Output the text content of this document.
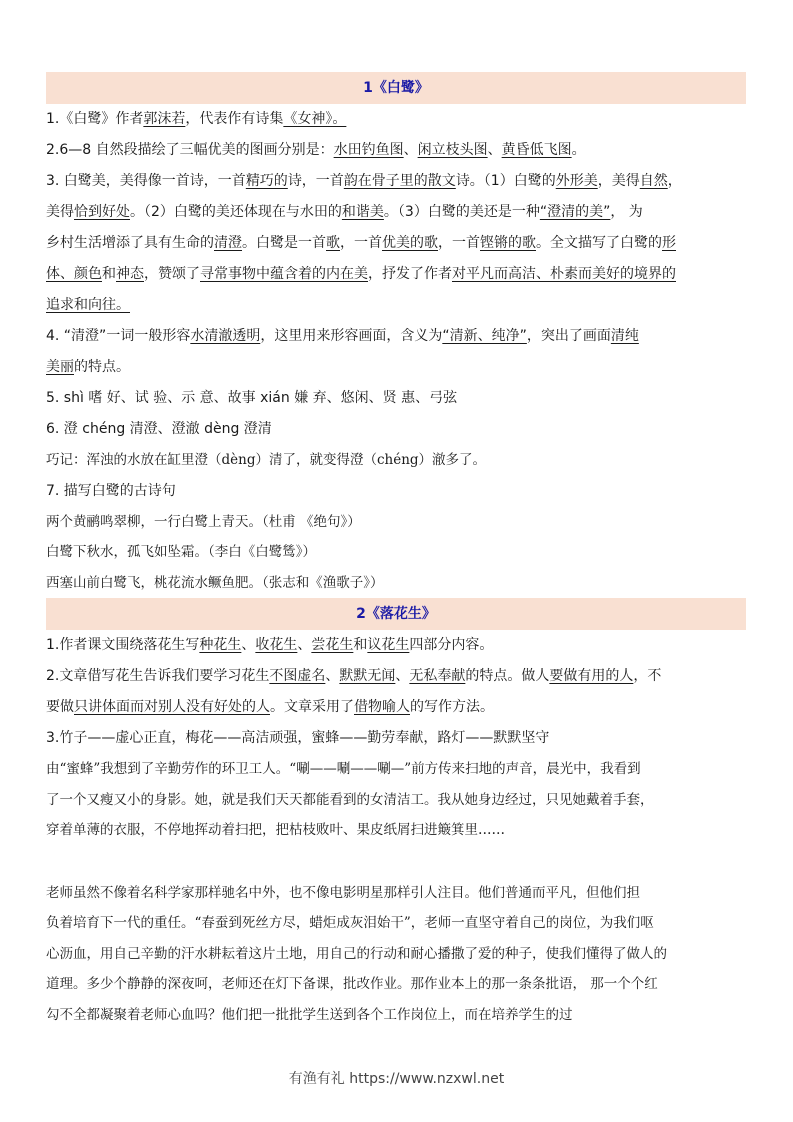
1《白鹭》
1.《白鹭》作者郭沫若，代表作有诗集《女神》。
2.6—8 自然段描绘了三幅优美的图画分别是：水田钓鱼图、闲立枝头图、黄昏低飞图。
3. 白鹭美，美得像一首诗，一首精巧的诗，一首韵在骨子里的散文诗。（1）白鹭的外形美，美得自然，
美得恰到好处。（2）白鹭的美还体现在与水田的和谐美。（3）白鹭的美还是一种“澄清的美”， 为
乡村生活增添了具有生命的清澄。白鹭是一首歌，一首优美的歌，一首铿锵的歌。全文描写了白鹭的形
体、颜色和神态，赞颂了寻常事物中蕴含着的内在美，抒发了作者对平凡而高洁、朴素而美好的境界的
追求和向往。
4. “清澄”一词一般形容水清澈透明，这里用来形容画面，含义为“清新、纯净”，突出了画面清纯
美丽的特点。
5. shì 嗜 好、试 验、示 意、故事 xián 嫌 弃、悠闲、贤 惠、弓弦
6. 澄 chéng 清澄、澄澈 dèng 澄清
巧记：浑浊的水放在缸里澄（dèng）清了，就变得澄（chéng）澈多了。
7. 描写白鹭的古诗句
两个黄鹂鸣翠柳，一行白鹭上青天。（杜甫 《绝句》）
白鹭下秋水，孤飞如坠霜。（李白《白鹭鸶》）
西塞山前白鹭飞，桃花流水鳜鱼肥。（张志和《渔歌子》）
2《落花生》
1.作者课文围绕落花生写种花生、收花生、尝花生和议花生四部分内容。
2.文章借写花生告诉我们要学习花生不图虚名、默默无闻、无私奉献的特点。做人要做有用的人，不
要做只讲体面而对别人没有好处的人。文章采用了借物喻人的写作方法。
3.竹子——虚心正直，梅花——高洁顽强，蜜蜂——勤劳奉献，路灯——默默坚守
由“蜜蜂”我想到了辛勤劳作的环卫工人。“唰——唰——唰—”前方传来扫地的声音，晨光中，我看到
了一个又瘦又小的身影。她，就是我们天天都能看到的女清洁工。我从她身边经过，只见她戴着手套，
穿着单薄的衣服，不停地挥动着扫把，把枯枝败叶、果皮纸屑扫进簸箕里……
老师虽然不像着名科学家那样驰名中外，也不像电影明星那样引人注目。他们普通而平凡，但他们担
负着培育下一代的重任。“春蚕到死丝方尽，蜡炬成灰泪始干”，老师一直坚守着自己的岗位，为我们呕
心沥血，用自己辛勤的汗水耕耘着这片土地，用自己的行动和耐心播撒了爱的种子，使我们懂得了做人的
道理。多少个静静的深夜呵，老师还在灯下备课，批改作业。那作业本上的那一条条批语， 那一个个红
勾不全都凝聚着老师心血吗？他们把一批批学生送到各个工作岗位上，而在培养学生的过
有渔有礼 https://www.nzxwl.net
